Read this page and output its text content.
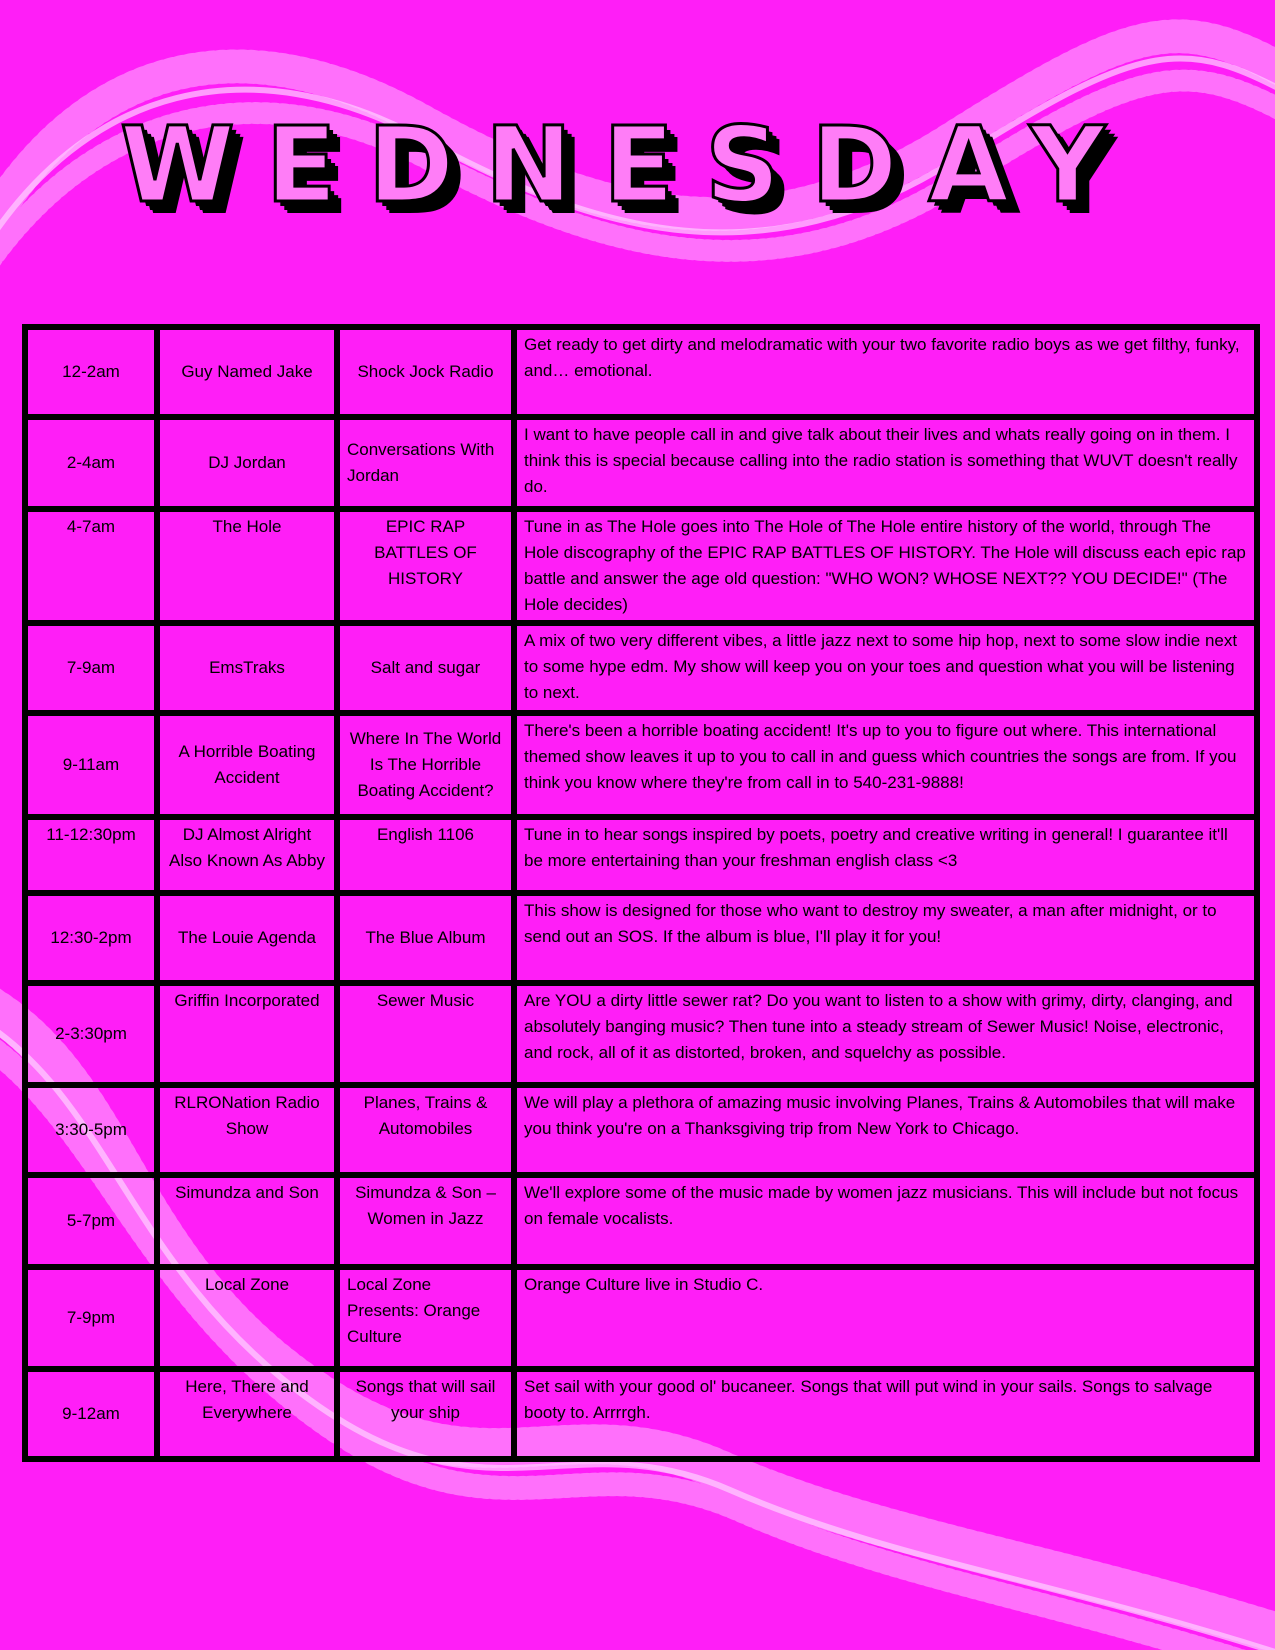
WEDNESDAY
12-2am	Guy Named Jake	Shock Jock Radio	Get ready to get dirty and melodramatic with your two favorite radio boys as we get filthy, funky, and… emotional.
2-4am	DJ Jordan	Conversations With Jordan	I want to have people call in and give talk about their lives and whats really going on in them. I think this is special because calling into the radio station is something that WUVT doesn't really do.
4-7am	The Hole	EPIC RAP BATTLES OF HISTORY	Tune in as The Hole goes into The Hole of The Hole entire history of the world, through The Hole discography of the EPIC RAP BATTLES OF HISTORY. The Hole will discuss each epic rap battle and answer the age old question: "WHO WON? WHOSE NEXT?? YOU DECIDE!" (The Hole decides)
7-9am	EmsTraks	Salt and sugar	A mix of two very different vibes, a little jazz next to some hip hop, next to some slow indie next to some hype edm. My show will keep you on your toes and question what you will be listening to next.
9-11am	A Horrible Boating Accident	Where In The World Is The Horrible Boating Accident?	There's been a horrible boating accident! It's up to you to figure out where. This international themed show leaves it up to you to call in and guess which countries the songs are from. If you think you know where they're from call in to 540-231-9888!
11-12:30pm	DJ Almost Alright Also Known As Abby	English 1106	Tune in to hear songs inspired by poets, poetry and creative writing in general! I guarantee it'll be more entertaining than your freshman english class <3
12:30-2pm	The Louie Agenda	The Blue Album	This show is designed for those who want to destroy my sweater, a man after midnight, or to send out an SOS. If the album is blue, I'll play it for you!
2-3:30pm	Griffin Incorporated	Sewer Music	Are YOU a dirty little sewer rat? Do you want to listen to a show with grimy, dirty, clanging, and absolutely banging music? Then tune into a steady stream of Sewer Music! Noise, electronic, and rock, all of it as distorted, broken, and squelchy as possible.
3:30-5pm	RLRONation Radio Show	Planes, Trains & Automobiles	We will play a plethora of amazing music involving Planes, Trains & Automobiles that will make you think you're on a Thanksgiving trip from New York to Chicago.
5-7pm	Simundza and Son	Simundza & Son – Women in Jazz	We'll explore some of the music made by women jazz musicians. This will include but not focus on female vocalists.
7-9pm	Local Zone	Local Zone Presents: Orange Culture	Orange Culture live in Studio C.
9-12am	Here, There and Everywhere	Songs that will sail your ship	Set sail with your good ol' bucaneer. Songs that will put wind in your sails. Songs to salvage booty to. Arrrrgh.
